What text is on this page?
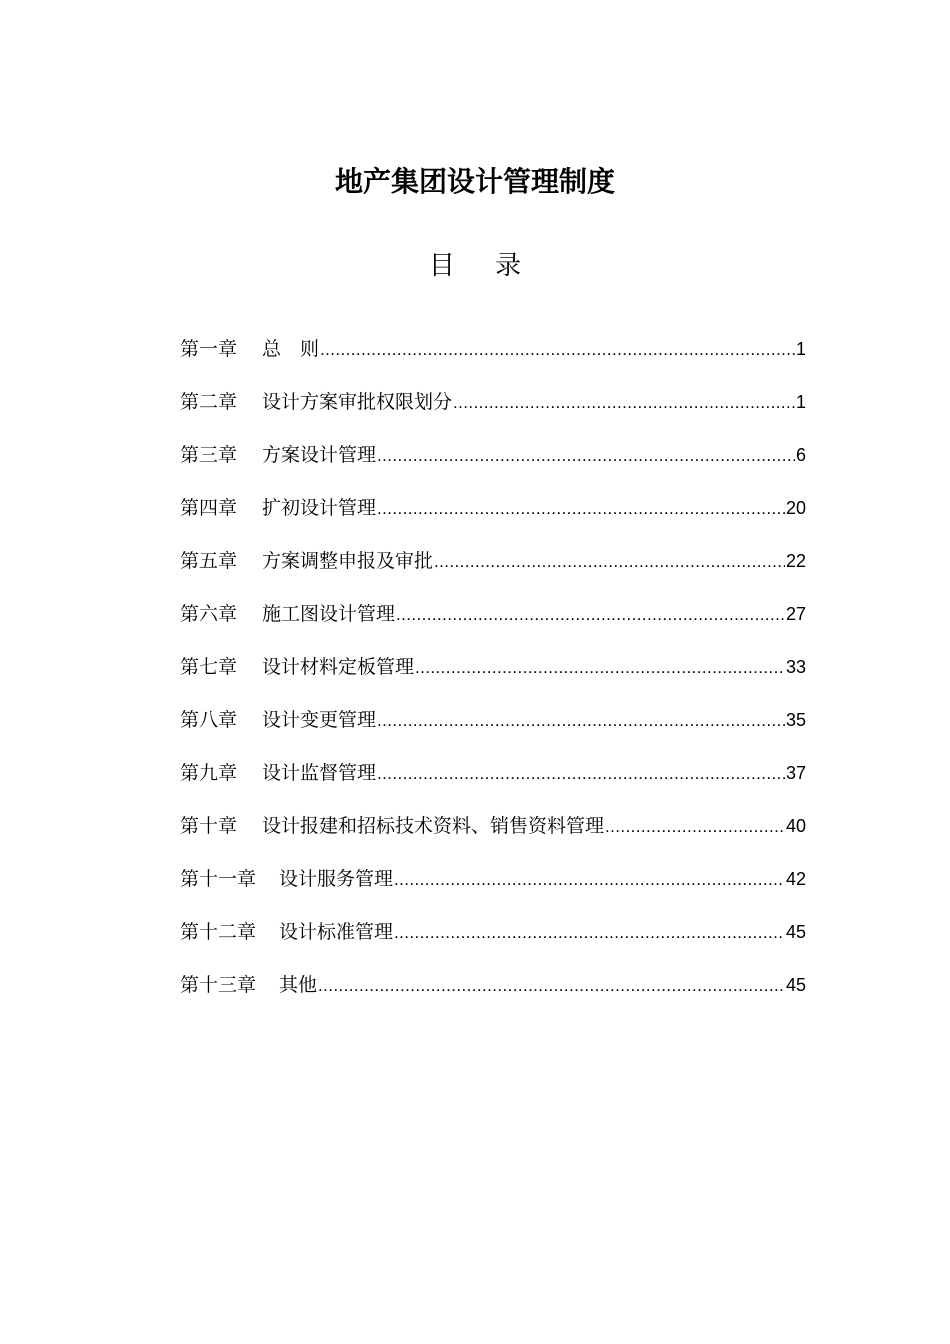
地产集团设计管理制度
目 录
第一章	总　则 .....	1
第二章	设计方案审批权限划分 .....	1
第三章	方案设计管理 .....	6
第四章	扩初设计管理 .....	20
第五章	方案调整申报及审批 .....	22
第六章	施工图设计管理 .....	27
第七章	设计材料定板管理 .....	33
第八章	设计变更管理 .....	35
第九章	设计监督管理 .....	37
第十章	设计报建和招标技术资料、销售资料管理 .....	40
第十一章	设计服务管理 .....	42
第十二章	设计标准管理 .....	45
第十三章	其他 .....	45
